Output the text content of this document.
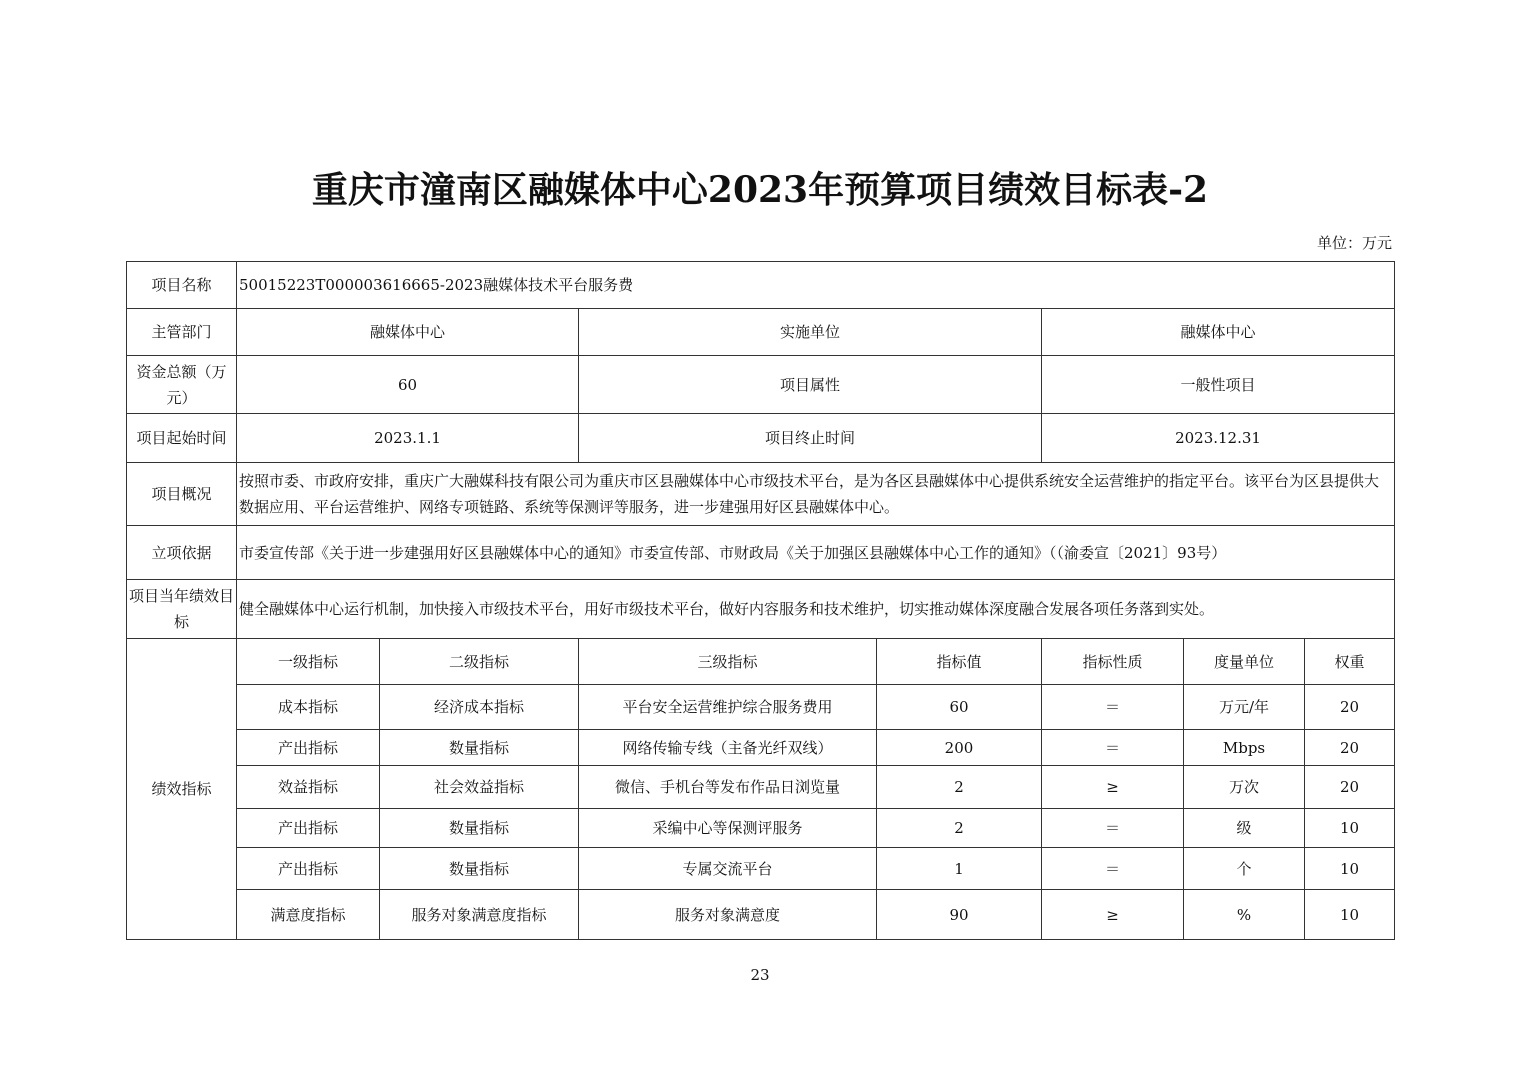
重庆市潼南区融媒体中心2023年预算项目绩效目标表-2
单位：万元
项目名称	50015223T000003616665-2023融媒体技术平台服务费						
主管部门	融媒体中心		实施单位		融媒体中心		
资金总额（万元）	60		项目属性		一般性项目		
项目起始时间	2023.1.1		项目终止时间		2023.12.31		
项目概况	按照市委、市政府安排，重庆广大融媒科技有限公司为重庆市区县融媒体中心市级技术平台，是为各区县融媒体中心提供系统安全运营维护的指定平台。该平台为区县提供大数据应用、平台运营维护、网络专项链路、系统等保测评等服务，进一步建强用好区县融媒体中心。						
立项依据	市委宣传部《关于进一步建强用好区县融媒体中心的通知》市委宣传部、市财政局《关于加强区县融媒体中心工作的通知》（（渝委宣〔2021〕93号）						
项目当年绩效目标	健全融媒体中心运行机制，加快接入市级技术平台，用好市级技术平台，做好内容服务和技术维护，切实推动媒体深度融合发展各项任务落到实处。						
绩效指标	一级指标	二级指标	三级指标	指标值	指标性质	度量单位	权重
	成本指标	经济成本指标	平台安全运营维护综合服务费用	60	＝	万元/年	20
	产出指标	数量指标	网络传输专线（主备光纤双线）	200	＝	Mbps	20
	效益指标	社会效益指标	微信、手机台等发布作品日浏览量	2	≥	万次	20
	产出指标	数量指标	采编中心等保测评服务	2	＝	级	10
	产出指标	数量指标	专属交流平台	1	＝	个	10
	满意度指标	服务对象满意度指标	服务对象满意度	90	≥	%	10
23
